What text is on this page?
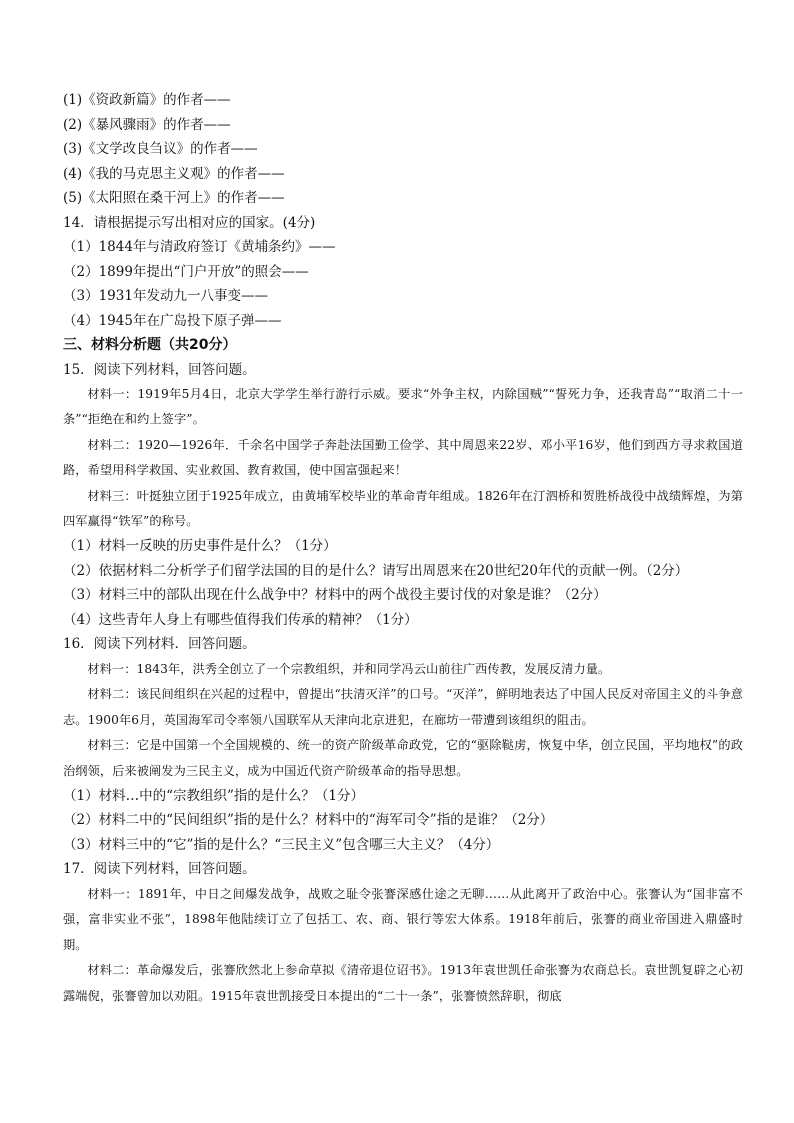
(1)《资政新篇》的作者——
(2)《暴风骤雨》的作者——
(3)《文学改良刍议》的作者——
(4)《我的马克思主义观》的作者——
(5)《太阳照在桑干河上》的作者——
14．请根据提示写出相对应的国家。(4分)
（1）1844年与清政府签订《黄埔条约》——
（2）1899年提出“门户开放”的照会——
（3）1931年发动九一八事变——
（4）1945年在广岛投下原子弹——
三、材料分析题（共20分）
15．阅读下列材料，回答问题。
材料一：1919年5月4日，北京大学学生举行游行示威。要求“外争主权，内除国贼”“誓死力争，还我青岛”“取消二十一条”“拒绝在和约上签字”。
材料二：1920—1926年．千余名中国学子奔赴法国勤工俭学、其中周恩来22岁、邓小平16岁，他们到西方寻求救国道路，希望用科学救国、实业救国、教育救国，使中国富强起来！
材料三：叶挺独立团于1925年成立，由黄埔军校毕业的革命青年组成。1826年在汀泗桥和贺胜桥战役中战绩辉煌，为第四军赢得“铁军”的称号。
（1）材料一反映的历史事件是什么？（1分）
（2）依据材料二分析学子们留学法国的目的是什么？请写出周恩来在20世纪20年代的贡献一例。（2分）
（3）材料三中的部队出现在什么战争中？材料中的两个战役主要讨伐的对象是谁？（2分）
（4）这些青年人身上有哪些值得我们传承的精神？（1分）
16．阅读下列材料．回答问题。
材料一：1843年，洪秀全创立了一个宗教组织，并和同学冯云山前往广西传教，发展反清力量。
材料二：该民间组织在兴起的过程中，曾提出“扶清灭洋”的口号。“灭洋”，鲜明地表达了中国人民反对帝国主义的斗争意志。1900年6月，英国海军司令率领八国联军从天津向北京进犯，在廊坊一带遭到该组织的阻击。
材料三：它是中国第一个全国规模的、统一的资产阶级革命政党，它的“驱除鞑虏，恢复中华，创立民国，平均地权”的政治纲领，后来被阐发为三民主义，成为中国近代资产阶级革命的指导思想。
（1）材料…中的“宗教组织”指的是什么？（1分）
（2）材料二中的“民间组织”指的是什么？材料中的“海军司令”指的是谁？（2分）
（3）材料三中的“它”指的是什么？“三民主义”包含哪三大主义？（4分）
17．阅读下列材料，回答问题。
材料一：1891年，中日之间爆发战争，战败之耻令张謇深感仕途之无聊……从此离开了政治中心。张謇认为“国非富不强，富非实业不张”，1898年他陆续订立了包括工、农、商、银行等宏大体系。1918年前后，张謇的商业帝国进入鼎盛时期。
材料二：革命爆发后，张謇欣然北上参命草拟《清帝退位诏书》。1913年袁世凯任命张謇为农商总长。袁世凯复辟之心初露端倪，张謇曾加以劝阻。1915年袁世凯接受日本提出的“二十一条”，张謇愤然辞职，彻底
